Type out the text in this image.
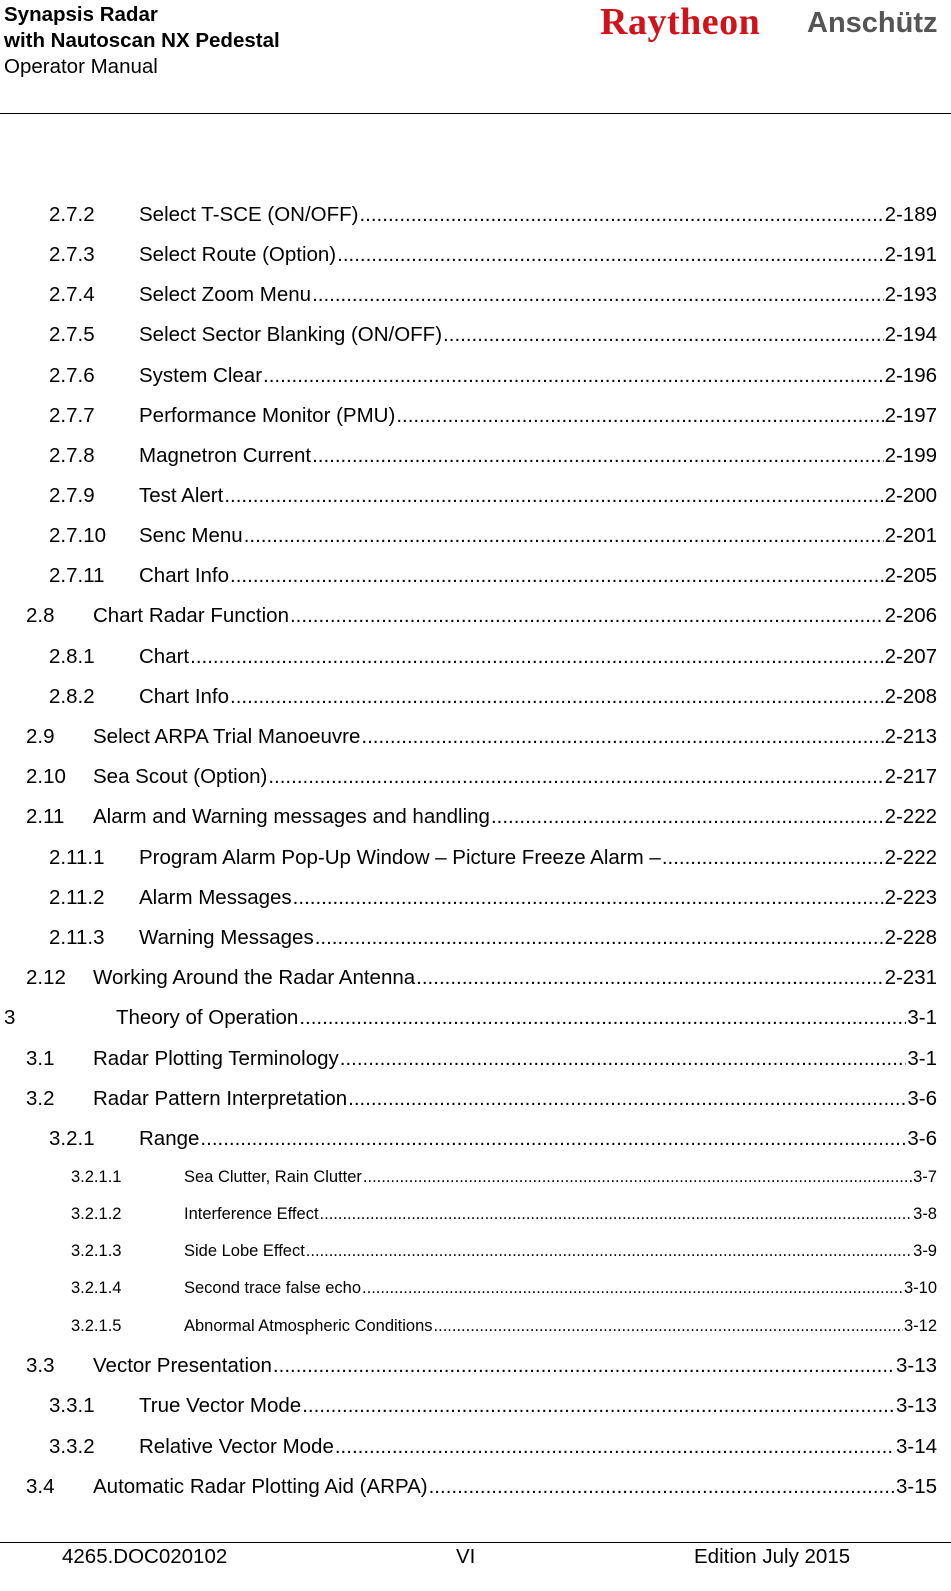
Synapsis Radar
with Nautoscan NX Pedestal
Operator Manual
Raytheon Anschütz
2.7.2	Select T-SCE (ON/OFF) .....	2-189
2.7.3	Select Route (Option) .....	2-191
2.7.4	Select Zoom Menu .....	2-193
2.7.5	Select Sector Blanking (ON/OFF) .....	2-194
2.7.6	System Clear .....	2-196
2.7.7	Performance Monitor (PMU) .....	2-197
2.7.8	Magnetron Current .....	2-199
2.7.9	Test Alert .....	2-200
2.7.10	Senc Menu .....	2-201
2.7.11	Chart Info .....	2-205
2.8	Chart Radar Function .....	2-206
2.8.1	Chart .....	2-207
2.8.2	Chart Info .....	2-208
2.9	Select ARPA Trial Manoeuvre .....	2-213
2.10	Sea Scout (Option) .....	2-217
2.11	Alarm and Warning messages and handling .....	2-222
2.11.1	Program Alarm Pop-Up Window – Picture Freeze Alarm – .....	2-222
2.11.2	Alarm Messages .....	2-223
2.11.3	Warning Messages .....	2-228
2.12	Working Around the Radar Antenna .....	2-231
3	Theory of Operation .....	3-1
3.1	Radar Plotting Terminology .....	3-1
3.2	Radar Pattern Interpretation .....	3-6
3.2.1	Range .....	3-6
3.2.1.1	Sea Clutter, Rain Clutter .....	3-7
3.2.1.2	Interference Effect .....	3-8
3.2.1.3	Side Lobe Effect .....	3-9
3.2.1.4	Second trace false echo .....	3-10
3.2.1.5	Abnormal Atmospheric Conditions .....	3-12
3.3	Vector Presentation .....	3-13
3.3.1	True Vector Mode .....	3-13
3.3.2	Relative Vector Mode .....	3-14
3.4	Automatic Radar Plotting Aid (ARPA) .....	3-15
4265.DOC020102	VI	Edition July 2015
